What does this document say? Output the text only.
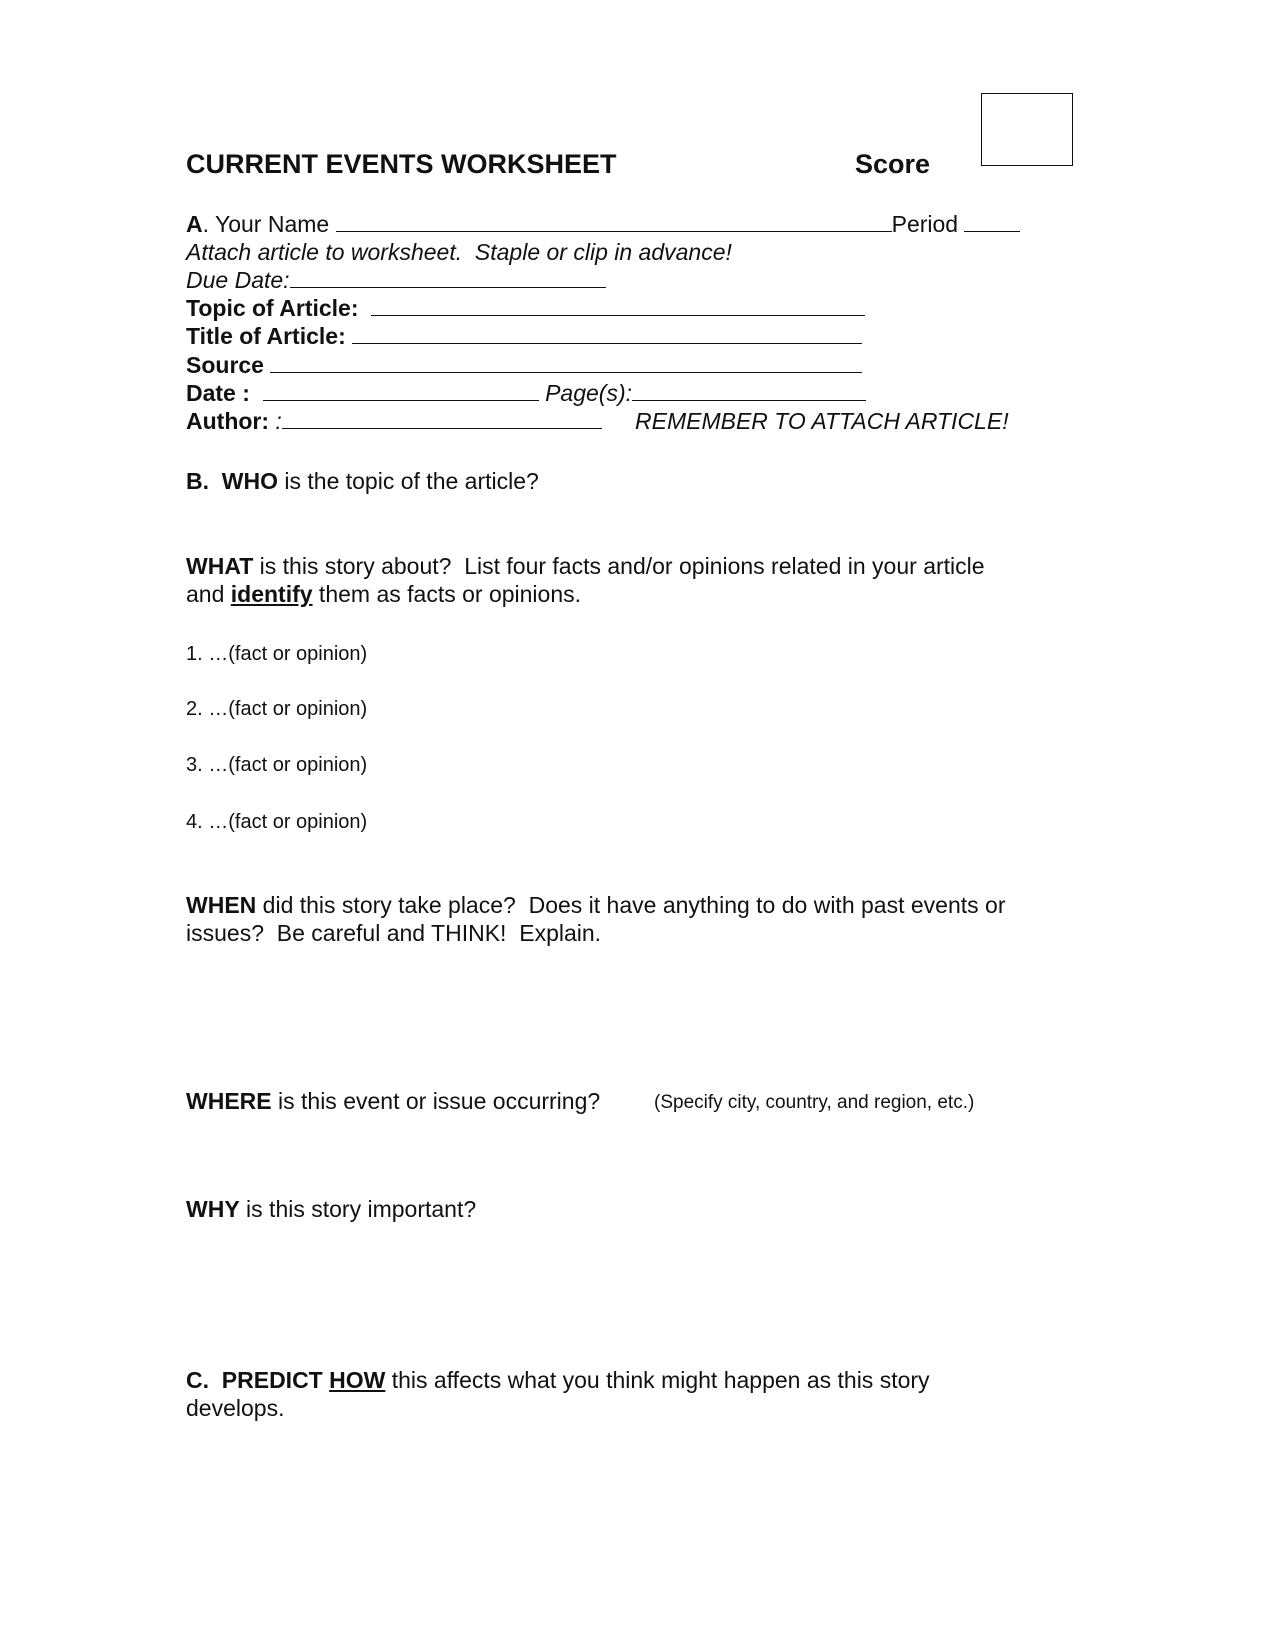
CURRENT EVENTS WORKSHEET	Score
A. Your Name	Period
Attach article to worksheet.  Staple or clip in advance!
Due Date:
Topic of Article:
Title of Article:
Source
Date :	Page(s):
Author: :	REMEMBER TO ATTACH ARTICLE!
B. WHO is the topic of the article?
WHAT is this story about?  List four facts and/or opinions related in your article
and identify them as facts or opinions.
1. …(fact or opinion)
2. …(fact or opinion)
3. …(fact or opinion)
4. …(fact or opinion)
WHEN did this story take place?  Does it have anything to do with past events or
issues?  Be careful and THINK!  Explain.
WHERE is this event or issue occurring?	(Specify city, country, and region, etc.)
WHY is this story important?
C. PREDICT HOW this affects what you think might happen as this story
develops.
